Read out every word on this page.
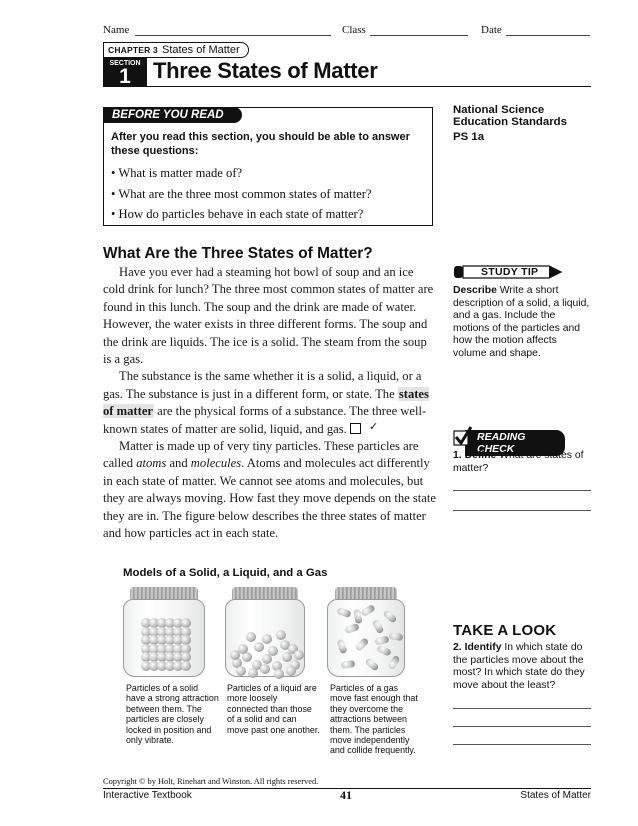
Name	Class	Date
CHAPTER 3 States of Matter
SECTION
1	Three States of Matter
BEFORE YOU READ
After you read this section, you should be able to answer these questions:
• What is matter made of?
• What are the three most common states of matter?
• How do particles behave in each state of matter?
National Science
Education Standards
PS 1a
What Are the Three States of Matter?

Have you ever had a steaming hot bowl of soup and an ice cold drink for lunch? The three most common states of matter are found in this lunch. The soup and the drink are made of water. However, the water exists in three different forms. The soup and the drink are liquids. The ice is a solid. The steam from the soup is a gas.

The substance is the same whether it is a solid, a liquid, or a gas. The substance is just in a different form, or state. The states of matter are the physical forms of a substance. The three well-known states of matter are solid, liquid, and gas.	✓

Matter is made up of very tiny particles. These particles are called atoms and molecules. Atoms and molecules act differently in each state of matter. We cannot see atoms and molecules, but they are always moving. How fast they move depends on the state they are in. The figure below describes the three states of matter and how particles act in each state.

STUDY TIP
Describe Write a short description of a solid, a liquid, and a gas. Include the motions of the particles and how the motion affects volume and shape.
READING CHECK
1. Define What are states of matter?
Models of a Solid, a Liquid, and a Gas
Particles of a solid have a strong attraction between them. The particles are closely locked in position and only vibrate.
Particles of a liquid are more loosely connected than those of a solid and can move past one another.
Particles of a gas move fast enough that they overcome the attractions between them. The particles move independently and collide frequently.
TAKE A LOOK
2. Identify In which state do the particles move about the most? In which state do they move about the least?
Copyright © by Holt, Rinehart and Winston. All rights reserved.
Interactive Textbook	41	States of Matter
